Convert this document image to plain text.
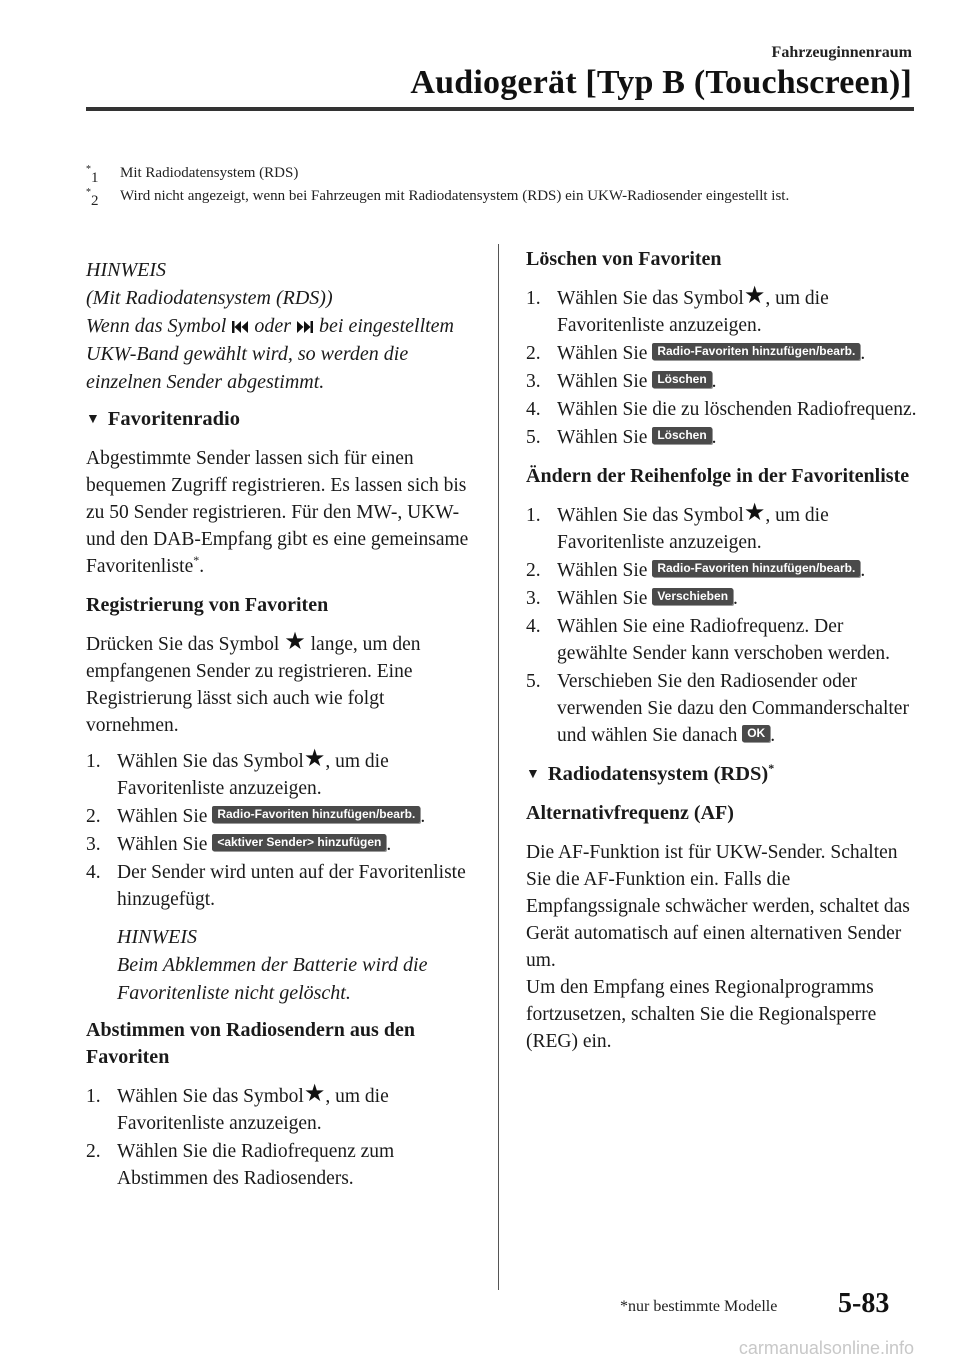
Fahrzeuginnenraum
Audiogerät [Typ B (Touchscreen)]
*1	Mit Radiodatensystem (RDS)
*2	Wird nicht angezeigt, wenn bei Fahrzeugen mit Radiodatensystem (RDS) ein UKW-Radiosender eingestellt ist.

HINWEIS

(Mit Radiodatensystem (RDS))

Wenn das Symbol oder bei eingestelltem UKW-Band gewählt wird, so werden die einzelnen Sender abgestimmt.

▼ Favoritenradio

Abgestimmte Sender lassen sich für einen bequemen Zugriff registrieren. Es lassen sich bis zu 50 Sender registrieren. Für den MW-, UKW- und den DAB-Empfang gibt es eine gemeinsame Favoritenliste*.

Registrierung von Favoriten

Drücken Sie das Symbol ★ lange, um den empfangenen Sender zu registrieren. Eine Registrierung lässt sich auch wie folgt vornehmen.

1. Wählen Sie das Symbol★, um die Favoritenliste anzuzeigen.
2. Wählen Sie Radio-Favoriten hinzufügen/bearb. .
3. Wählen Sie <aktiver Sender> hinzufügen .
4. Der Sender wird unten auf der Favoritenliste hinzugefügt.

HINWEIS

Beim Abklemmen der Batterie wird die Favoritenliste nicht gelöscht.

Abstimmen von Radiosendern aus den Favoriten

1. Wählen Sie das Symbol★, um die Favoritenliste anzuzeigen.
2. Wählen Sie die Radiofrequenz zum Abstimmen des Radiosenders.

Löschen von Favoriten

1. Wählen Sie das Symbol★, um die Favoritenliste anzuzeigen.
2. Wählen Sie Radio-Favoriten hinzufügen/bearb. .
3. Wählen Sie Löschen .
4. Wählen Sie die zu löschenden Radiofrequenz.
5. Wählen Sie Löschen .

Ändern der Reihenfolge in der Favoritenliste

1. Wählen Sie das Symbol★, um die Favoritenliste anzuzeigen.
2. Wählen Sie Radio-Favoriten hinzufügen/bearb. .
3. Wählen Sie Verschieben .
4. Wählen Sie eine Radiofrequenz. Der gewählte Sender kann verschoben werden.
5. Verschieben Sie den Radiosender oder verwenden Sie dazu den Commanderschalter und wählen Sie danach OK .

▼ Radiodatensystem (RDS)*

Alternativfrequenz (AF)

Die AF-Funktion ist für UKW-Sender. Schalten Sie die AF-Funktion ein. Falls die Empfangssignale schwächer werden, schaltet das Gerät automatisch auf einen alternativen Sender um.

Um den Empfang eines Regionalprogramms fortzusetzen, schalten Sie die Regionalsperre (REG) ein.

*nur bestimmte Modelle 5-83
carmanualsonline.info
